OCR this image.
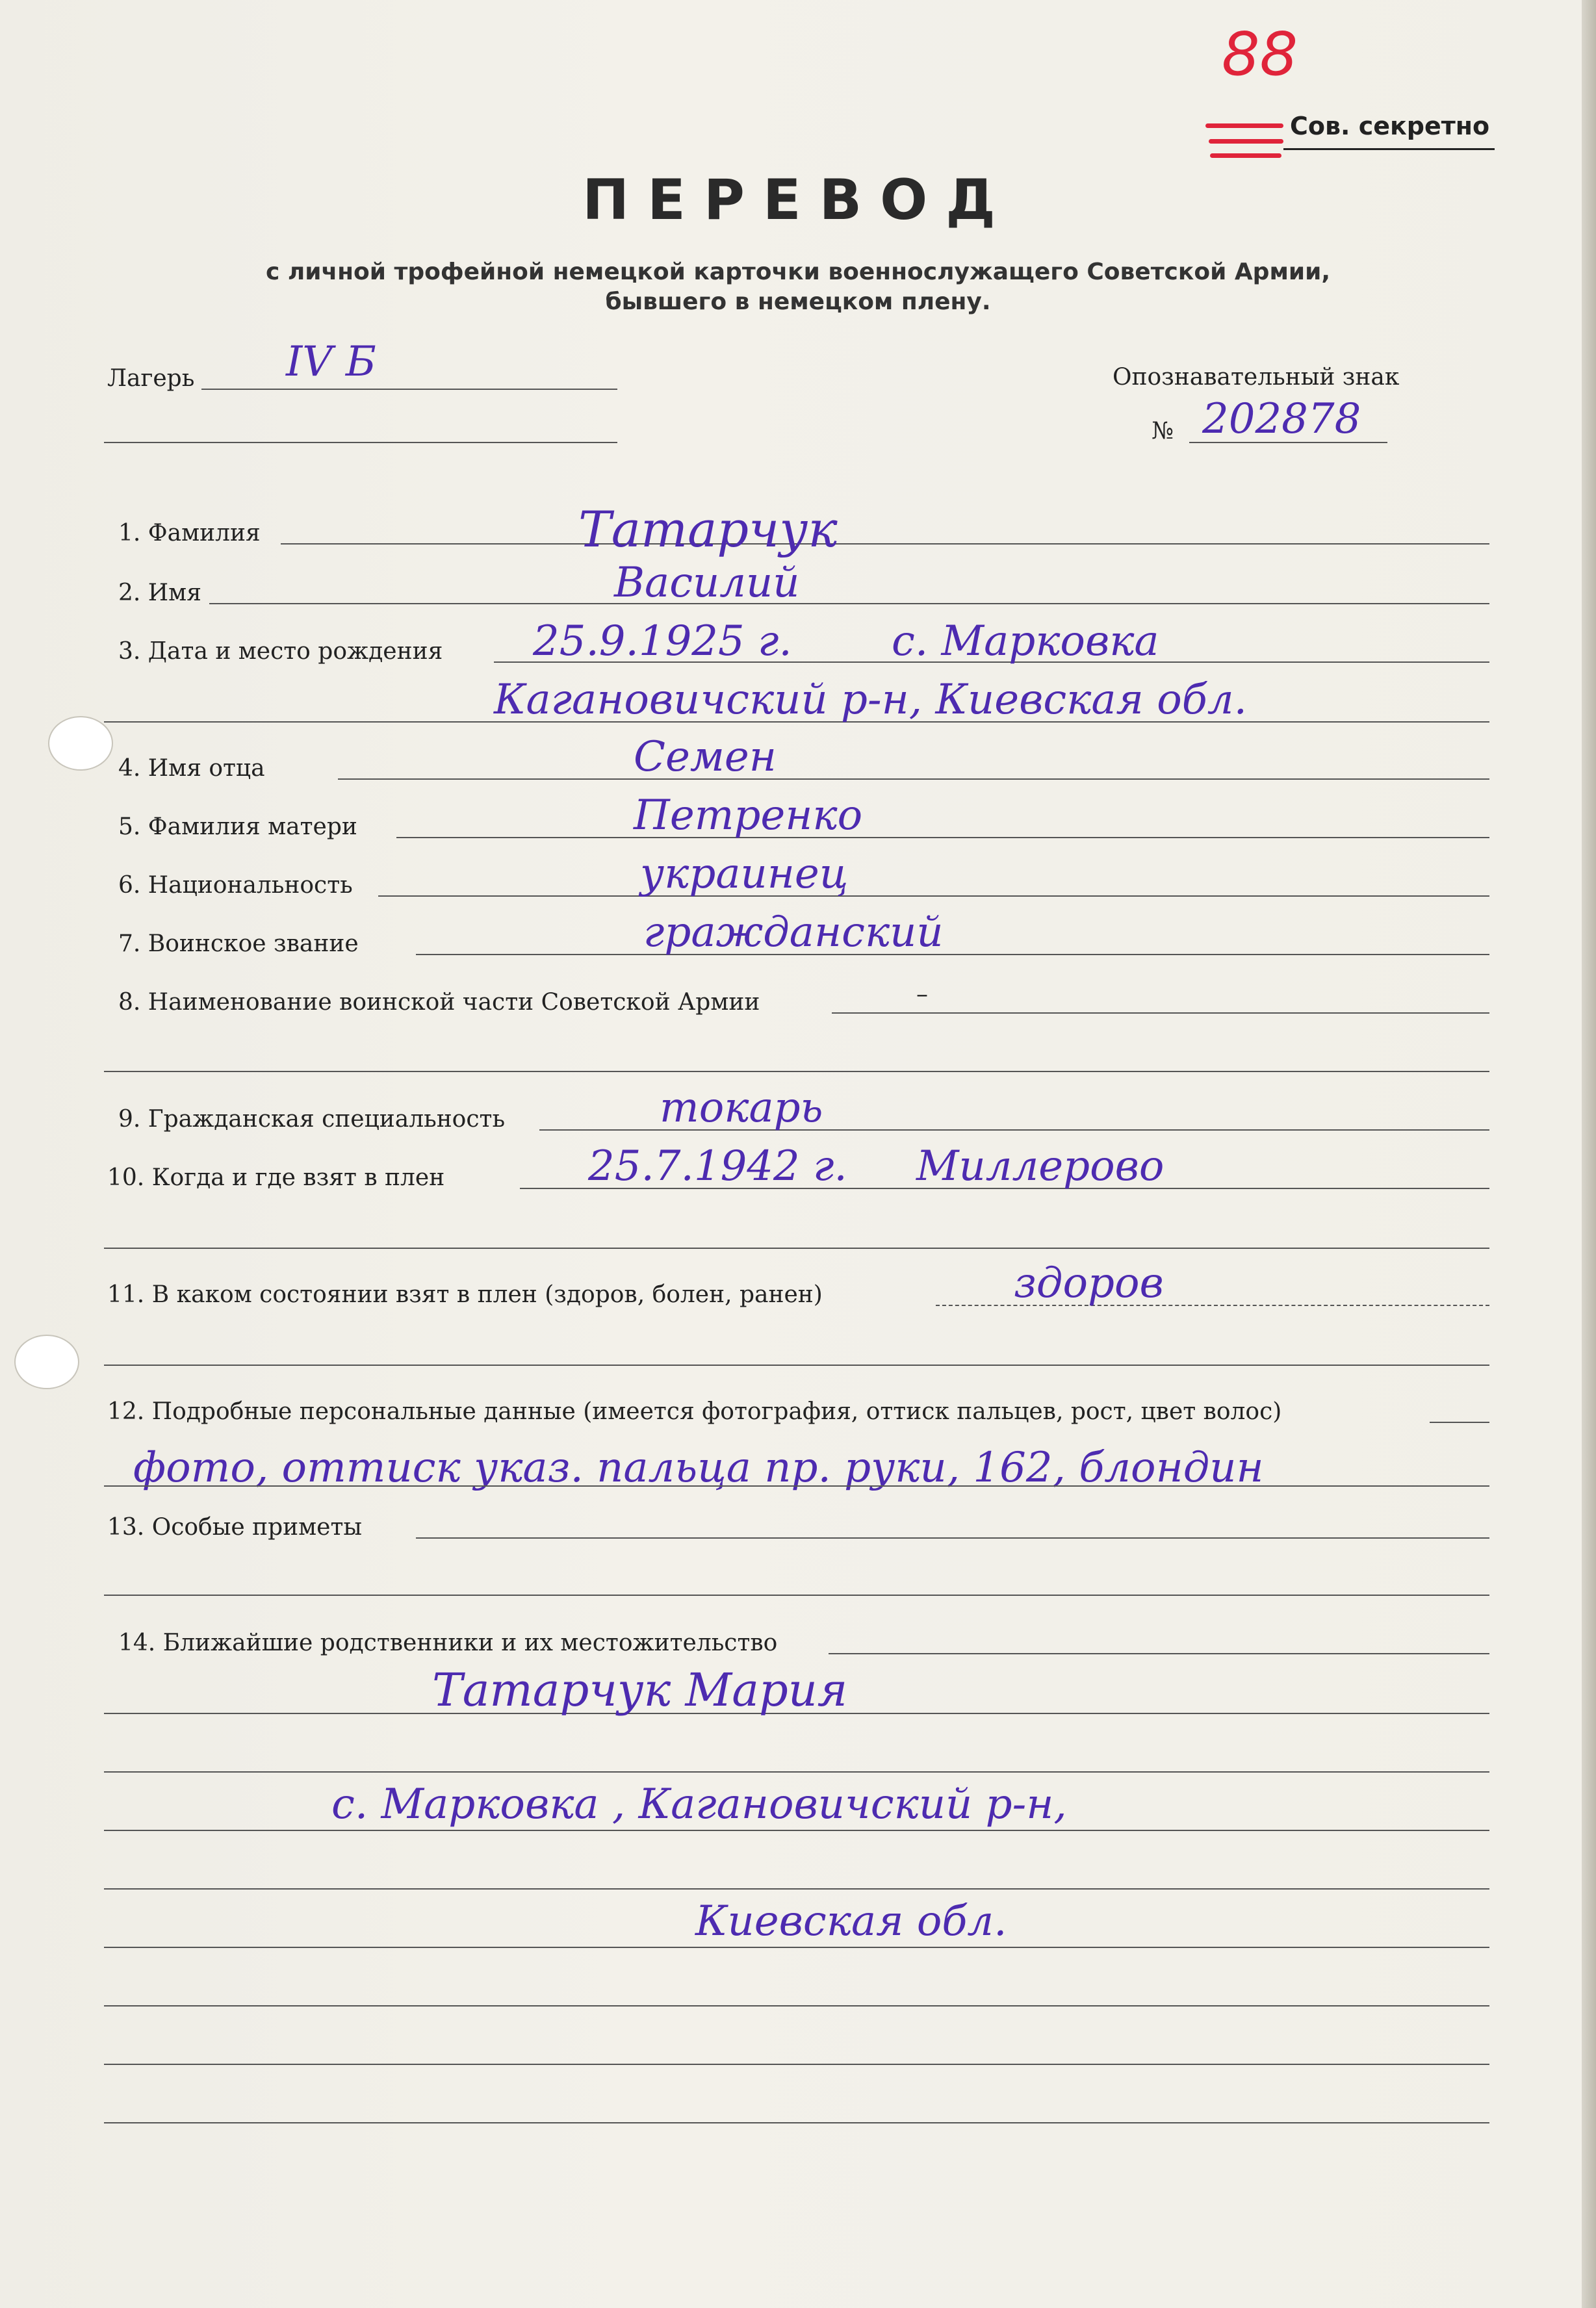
88
Сов. секретно
ПЕРЕВОД
с личной трофейной немецкой карточки военнослужащего Советской Армии,
бывшего в немецком плену.
Лагерь IV Б	Опознавательный знак
№ 202878
1. Фамилия	Татарчук
2. Имя	Василий
3. Дата и место рождения 25.9.1925 г. с. Марковка
Кагановичский р-н, Киевская обл.
4. Имя отца	Семен
5. Фамилия матери	Петренко
6. Национальность	украинец
7. Воинское звание	гражданский
8. Наименование воинской части Советской Армии	–
9. Гражданская специальность	токарь
10. Когда и где взят в плен	25.7.1942 г. Миллерово
11. В каком состоянии взят в плен (здоров, болен, ранен)	здоров
12. Подробные персональные данные (имеется фотография, оттиск пальцев, рост, цвет волос)
фото, оттиск указ. пальца пр. руки, 162, блондин
13. Особые приметы
14. Ближайшие родственники и их местожительство
Татарчук Мария
с. Марковка , Кагановичский р-н,
Киевская обл.
